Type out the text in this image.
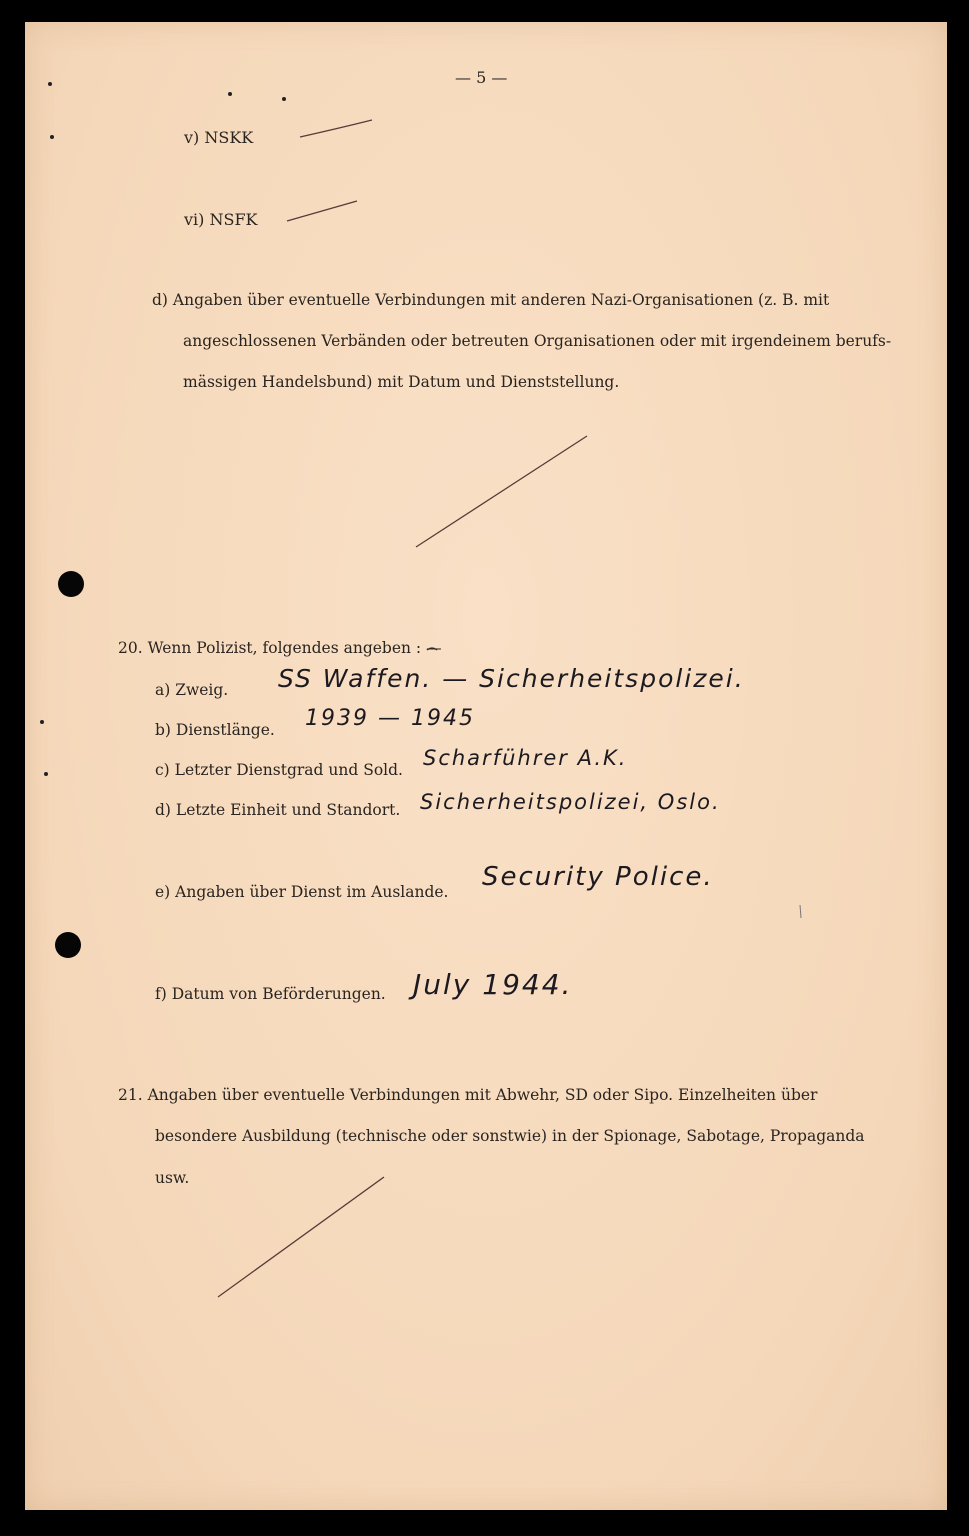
— 5 —
v) NSKK
vi) NSFK
d) Angaben über eventuelle Verbindungen mit anderen Nazi-Organisationen (z. B. mit
angeschlossenen Verbänden oder betreuten Organisationen oder mit irgendeinem berufs-
mässigen Handelsbund) mit Datum und Dienststellung.
20. Wenn Polizist, folgendes angeben : —
a) Zweig. SS Waffen. — Sicherheitspolizei.
b) Dienstlänge. 1939 — 1945
c) Letzter Dienstgrad und Sold. Scharführer A.K.
d) Letzte Einheit und Standort. Sicherheitspolizei, Oslo.
e) Angaben über Dienst im Auslande. Security Police.
f) Datum von Beförderungen. July 1944.
21. Angaben über eventuelle Verbindungen mit Abwehr, SD oder Sipo. Einzelheiten über
besondere Ausbildung (technische oder sonstwie) in der Spionage, Sabotage, Propaganda
usw.
